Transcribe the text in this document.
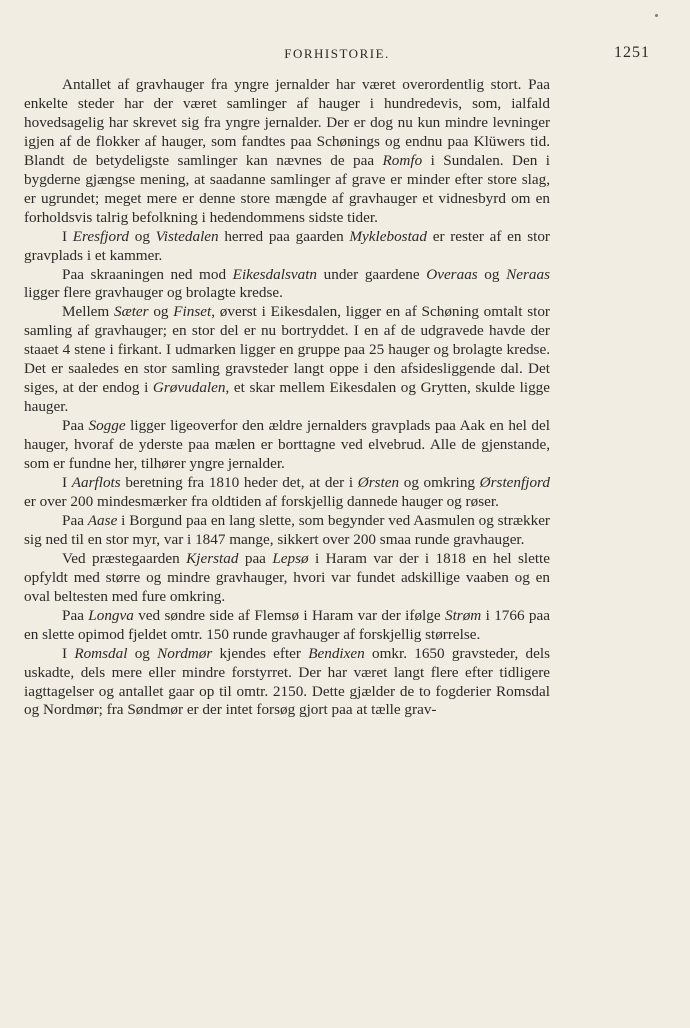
FORHISTORIE.	1251

Antallet af gravhauger fra yngre jernalder har været overordentlig stort. Paa enkelte steder har der været samlinger af hauger i hundredevis, som, ialfald hovedsagelig har skrevet sig fra yngre jernalder. Der er dog nu kun mindre levninger igjen af de flokker af hauger, som fandtes paa Schønings og endnu paa Klüwers tid. Blandt de betydeligste samlinger kan nævnes de paa Romfo i Sundalen. Den i bygderne gjængse mening, at saadanne samlinger af grave er minder efter store slag, er ugrundet; meget mere er denne store mængde af gravhauger et vidnesbyrd om en forholdsvis talrig befolkning i hedendommens sidste tider.

I Eresfjord og Vistedalen herred paa gaarden Myklebostad er rester af en stor gravplads i et kammer.

Paa skraaningen ned mod Eikesdalsvatn under gaardene Overaas og Neraas ligger flere gravhauger og brolagte kredse.

Mellem Sæter og Finset, øverst i Eikesdalen, ligger en af Schøning omtalt stor samling af gravhauger; en stor del er nu bortryddet. I en af de udgravede havde der staaet 4 stene i firkant. I udmarken ligger en gruppe paa 25 hauger og brolagte kredse. Det er saaledes en stor samling gravsteder langt oppe i den afsidesliggende dal. Det siges, at der endog i Grøvudalen, et skar mellem Eikesdalen og Grytten, skulde ligge hauger.

Paa Sogge ligger ligeoverfor den ældre jernalders gravplads paa Aak en hel del hauger, hvoraf de yderste paa mælen er borttagne ved elvebrud. Alle de gjenstande, som er fundne her, tilhører yngre jernalder.

I Aarflots beretning fra 1810 heder det, at der i Ørsten og omkring Ørstenfjord er over 200 mindesmærker fra oldtiden af forskjellig dannede hauger og røser.

Paa Aase i Borgund paa en lang slette, som begynder ved Aasmulen og strækker sig ned til en stor myr, var i 1847 mange, sikkert over 200 smaa runde gravhauger.

Ved præstegaarden Kjerstad paa Lepsø i Haram var der i 1818 en hel slette opfyldt med større og mindre gravhauger, hvori var fundet adskillige vaaben og en oval beltesten med fure omkring.

Paa Longva ved søndre side af Flemsø i Haram var der ifølge Strøm i 1766 paa en slette opimod fjeldet omtr. 150 runde gravhauger af forskjellig størrelse.

I Romsdal og Nordmør kjendes efter Bendixen omkr. 1650 gravsteder, dels uskadte, dels mere eller mindre forstyrret. Der har været langt flere efter tidligere iagttagelser og antallet gaar op til omtr. 2150. Dette gjælder de to fogderier Romsdal og Nordmør; fra Søndmør er der intet forsøg gjort paa at tælle grav-
